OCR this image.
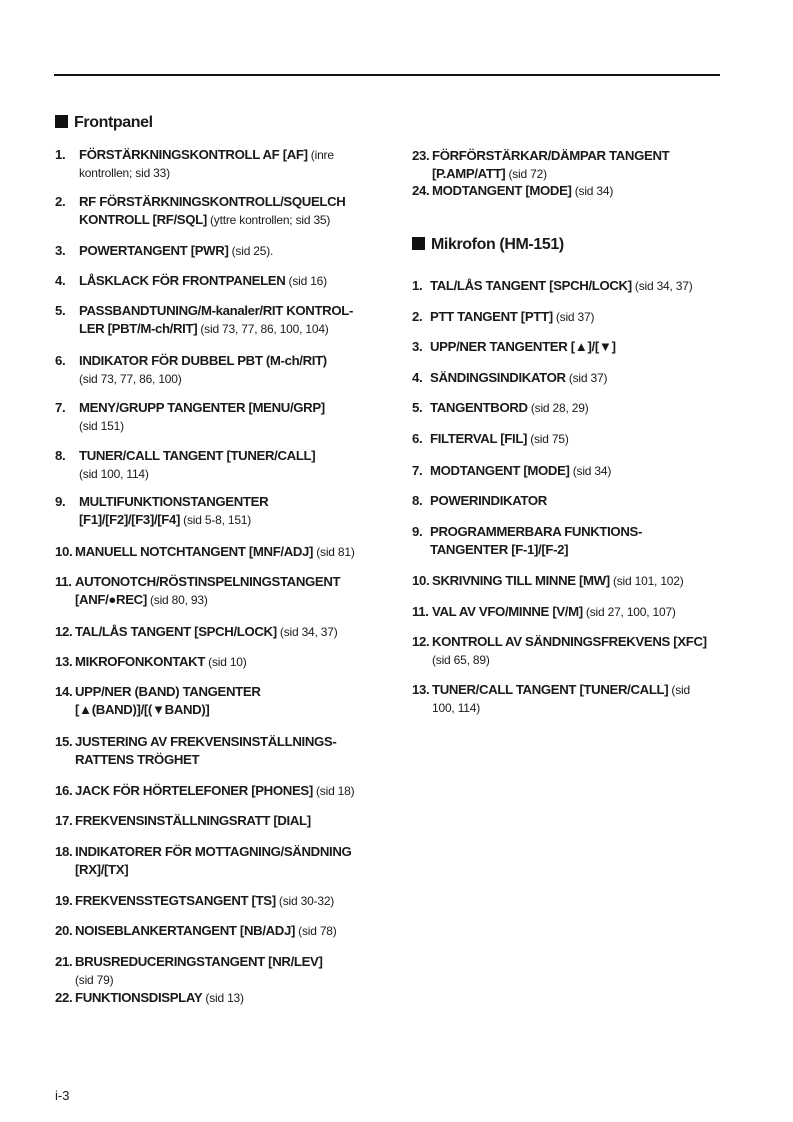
Frontpanel
1. FÖRSTÄRKNINGSKONTROLL AF [AF] (inre
kontrollen; sid 33)
2. RF FÖRSTÄRKNINGSKONTROLL/SQUELCH
KONTROLL [RF/SQL] (yttre kontrollen; sid 35)
3. POWERTANGENT [PWR] (sid 25).
4. LÅSKLACK FÖR FRONTPANELEN (sid 16)
5. PASSBANDTUNING/M-kanaler/RIT KONTROL-
LER [PBT/M-ch/RIT] (sid 73, 77, 86, 100, 104)
6. INDIKATOR FÖR DUBBEL PBT (M-ch/RIT)
(sid 73, 77, 86, 100)
7. MENY/GRUPP TANGENTER [MENU/GRP]
(sid 151)
8. TUNER/CALL TANGENT [TUNER/CALL]
(sid 100, 114)
9. MULTIFUNKTIONSTANGENTER
[F1]/[F2]/[F3]/[F4] (sid 5-8, 151)
10. MANUELL NOTCHTANGENT [MNF/ADJ] (sid 81)
11. AUTONOTCH/RÖSTINSPELNINGSTANGENT
[ANF/●REC] (sid 80, 93)
12. TAL/LÅS TANGENT [SPCH/LOCK] (sid 34, 37)
13. MIKROFONKONTAKT (sid 10)
14. UPP/NER (BAND) TANGENTER
[▲(BAND)]/[(▼BAND)]
15. JUSTERING AV FREKVENSINSTÄLLNINGS-
RATTENS TRÖGHET
16. JACK FÖR HÖRTELEFONER [PHONES] (sid 18)
17. FREKVENSINSTÄLLNINGSRATT [DIAL]
18. INDIKATORER FÖR MOTTAGNING/SÄNDNING
[RX]/[TX]
19. FREKVENSSTEGTSANGENT [TS] (sid 30-32)
20. NOISEBLANKERTANGENT [NB/ADJ] (sid 78)
21. BRUSREDUCERINGSTANGENT [NR/LEV]
(sid 79)
22. FUNKTIONSDISPLAY (sid 13)
23. FÖRFÖRSTÄRKAR/DÄMPAR TANGENT
[P.AMP/ATT] (sid 72)
24. MODTANGENT [MODE] (sid 34)
Mikrofon (HM-151)
1. TAL/LÅS TANGENT [SPCH/LOCK] (sid 34, 37)
2. PTT TANGENT [PTT] (sid 37)
3. UPP/NER TANGENTER [▲]/[▼]
4. SÄNDINGSINDIKATOR (sid 37)
5. TANGENTBORD (sid 28, 29)
6. FILTERVAL [FIL] (sid 75)
7. MODTANGENT [MODE] (sid 34)
8. POWERINDIKATOR
9. PROGRAMMERBARA FUNKTIONS-
TANGENTER [F-1]/[F-2]
10. SKRIVNING TILL MINNE [MW] (sid 101, 102)
11. VAL AV VFO/MINNE [V/M] (sid 27, 100, 107)
12. KONTROLL AV SÄNDNINGSFREKVENS [XFC]
(sid 65, 89)
13. TUNER/CALL TANGENT [TUNER/CALL] (sid
100, 114)
i-3
